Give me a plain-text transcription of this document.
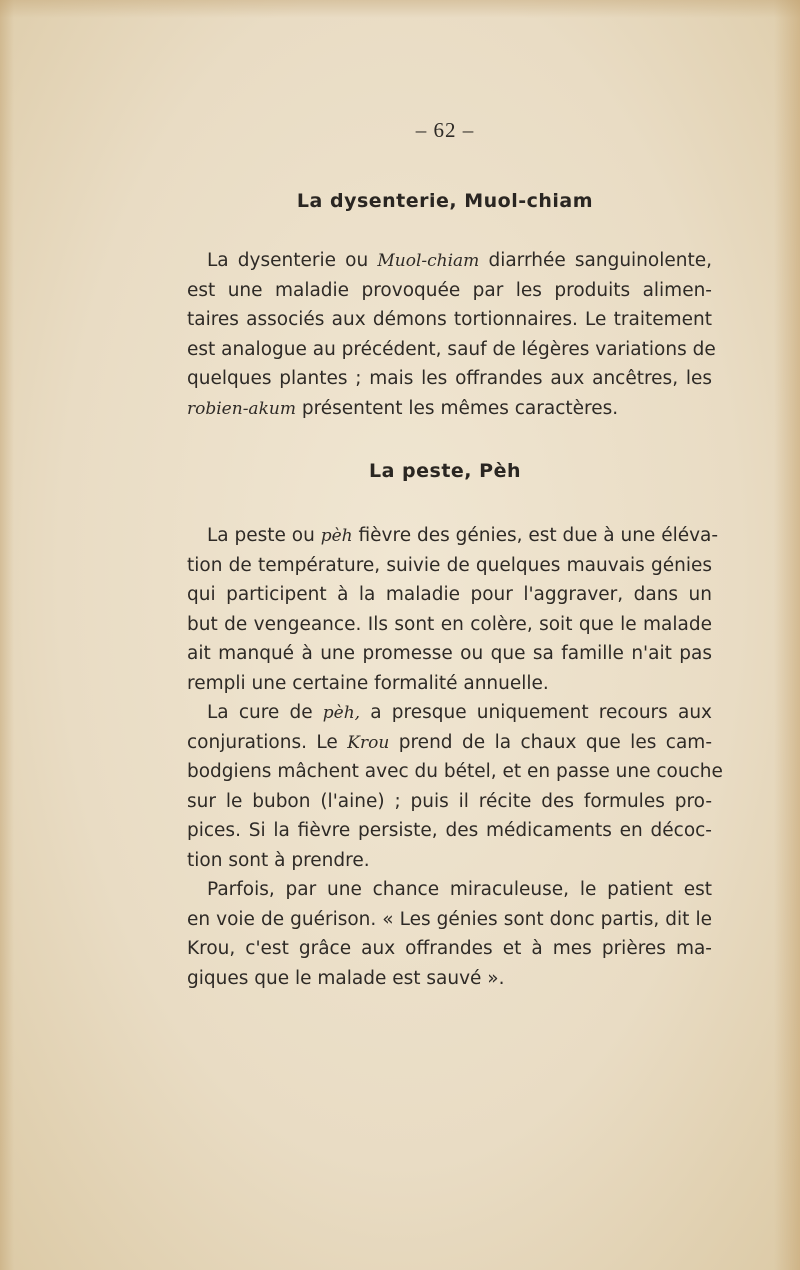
– 62 –
La dysenterie, Muol-chiam
La dysenterie ou Muol-chiam diarrhée sanguinolente,
est une maladie provoquée par les produits alimen-
taires associés aux démons tortionnaires. Le traitement
est analogue au précédent, sauf de légères variations de
quelques plantes ; mais les offrandes aux ancêtres, les
robien-akum présentent les mêmes caractères.
La peste, Pèh
La peste ou pèh fièvre des génies, est due à une éléva-
tion de température, suivie de quelques mauvais génies
qui participent à la maladie pour l'aggraver, dans un
but de vengeance. Ils sont en colère, soit que le malade
ait manqué à une promesse ou que sa famille n'ait pas
rempli une certaine formalité annuelle.
La cure de pèh, a presque uniquement recours aux
conjurations. Le Krou prend de la chaux que les cam-
bodgiens mâchent avec du bétel, et en passe une couche
sur le bubon (l'aine) ; puis il récite des formules pro-
pices. Si la fièvre persiste, des médicaments en décoc-
tion sont à prendre.
Parfois, par une chance miraculeuse, le patient est
en voie de guérison. « Les génies sont donc partis, dit le
Krou, c'est grâce aux offrandes et à mes prières ma-
giques que le malade est sauvé ».
